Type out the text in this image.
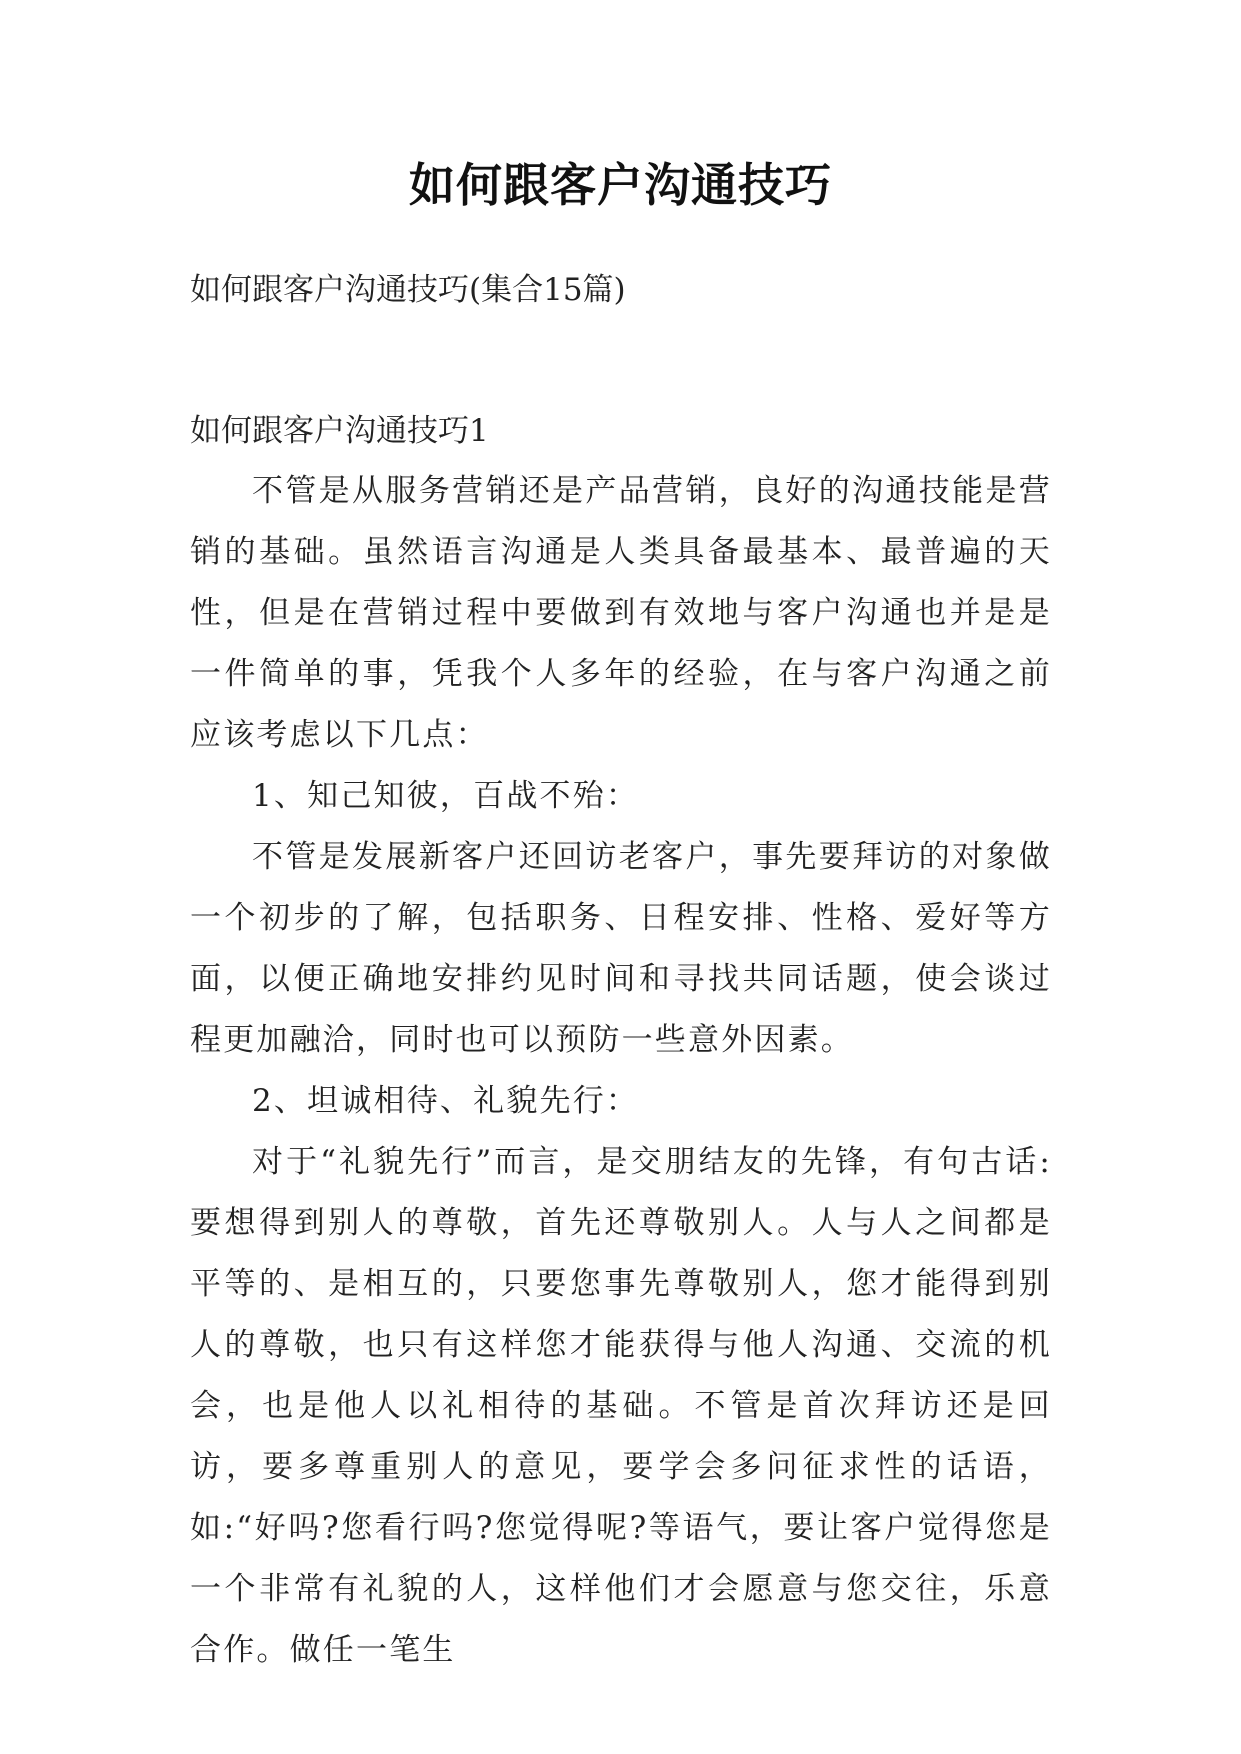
如何跟客户沟通技巧

如何跟客户沟通技巧(集合15篇)

如何跟客户沟通技巧1

不管是从服务营销还是产品营销，良好的沟通技能是营销的基础。虽然语言沟通是人类具备最基本、最普遍的天性，但是在营销过程中要做到有效地与客户沟通也并是是一件简单的事，凭我个人多年的经验，在与客户沟通之前应该考虑以下几点：

1、知己知彼，百战不殆：

不管是发展新客户还回访老客户，事先要拜访的对象做一个初步的了解，包括职务、日程安排、性格、爱好等方面，以便正确地安排约见时间和寻找共同话题，使会谈过程更加融洽，同时也可以预防一些意外因素。

2、坦诚相待、礼貌先行：

对于“礼貌先行”而言，是交朋结友的先锋，有句古话:要想得到别人的尊敬，首先还尊敬别人。人与人之间都是平等的、是相互的，只要您事先尊敬别人，您才能得到别人的尊敬，也只有这样您才能获得与他人沟通、交流的机会，也是他人以礼相待的基础。不管是首次拜访还是回访，要多尊重别人的意见，要学会多问征求性的话语，如:“好吗?您看行吗?您觉得呢?等语气，要让客户觉得您是一个非常有礼貌的人，这样他们才会愿意与您交往，乐意合作。做任一笔生
